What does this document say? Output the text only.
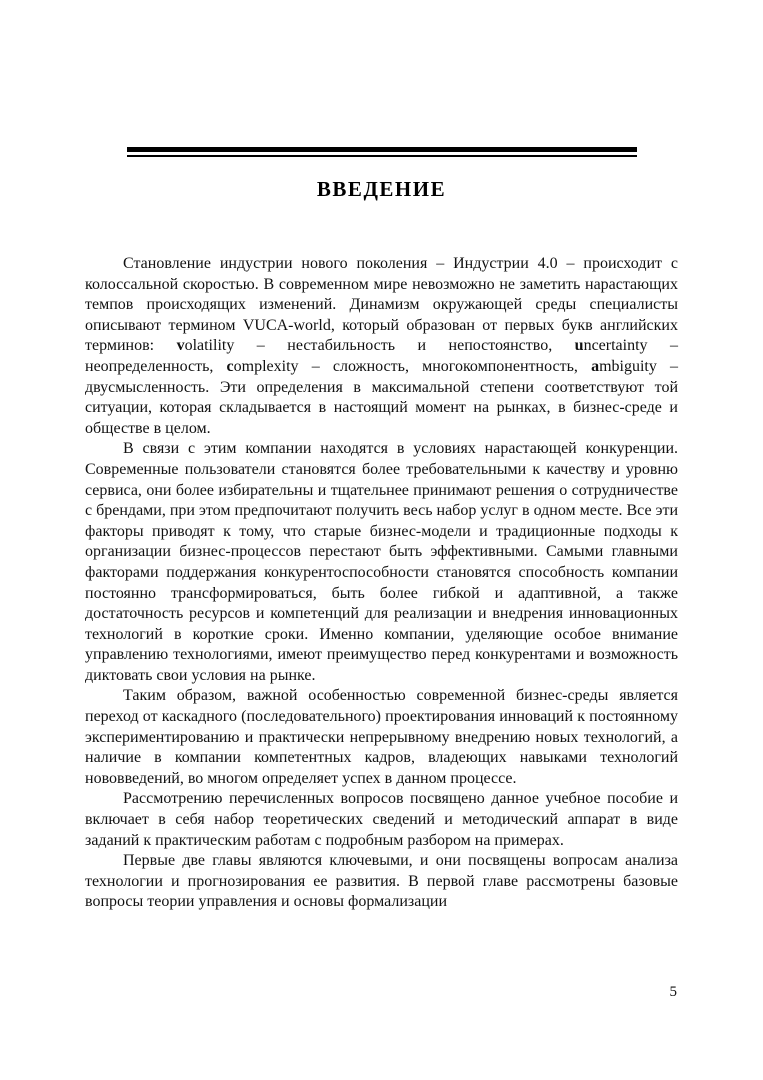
ВВЕДЕНИЕ

Становление индустрии нового поколения – Индустрии 4.0 – происходит с колоссальной скоростью. В современном мире невозможно не заметить нарастающих темпов происходящих изменений. Динамизм окружающей среды специалисты описывают термином VUCA-world, который образован от первых букв английских терминов: volatility – нестабильность и непостоянство, uncertainty – неопределенность, complexity – сложность, многокомпонентность, ambiguity – двусмысленность. Эти определения в максимальной степени соответствуют той ситуации, которая складывается в настоящий момент на рынках, в бизнес-среде и обществе в целом.

В связи с этим компании находятся в условиях нарастающей конкуренции. Современные пользователи становятся более требовательными к качеству и уровню сервиса, они более избирательны и тщательнее принимают решения о сотрудничестве с брендами, при этом предпочитают получить весь набор услуг в одном месте. Все эти факторы приводят к тому, что старые бизнес-модели и традиционные подходы к организации бизнес-процессов перестают быть эффективными. Самыми главными факторами поддержания конкурентоспособности становятся способность компании постоянно трансформироваться, быть более гибкой и адаптивной, а также достаточность ресурсов и компетенций для реализации и внедрения инновационных технологий в короткие сроки. Именно компании, уделяющие особое внимание управлению технологиями, имеют преимущество перед конкурентами и возможность диктовать свои условия на рынке.

Таким образом, важной особенностью современной бизнес-среды является переход от каскадного (последовательного) проектирования инноваций к постоянному экспериментированию и практически непрерывному внедрению новых технологий, а наличие в компании компетентных кадров, владеющих навыками технологий нововведений, во многом определяет успех в данном процессе.

Рассмотрению перечисленных вопросов посвящено данное учебное пособие и включает в себя набор теоретических сведений и методический аппарат в виде заданий к практическим работам с подробным разбором на примерах.

Первые две главы являются ключевыми, и они посвящены вопросам анализа технологии и прогнозирования ее развития. В первой главе рассмотрены базовые вопросы теории управления и основы формализации

5
